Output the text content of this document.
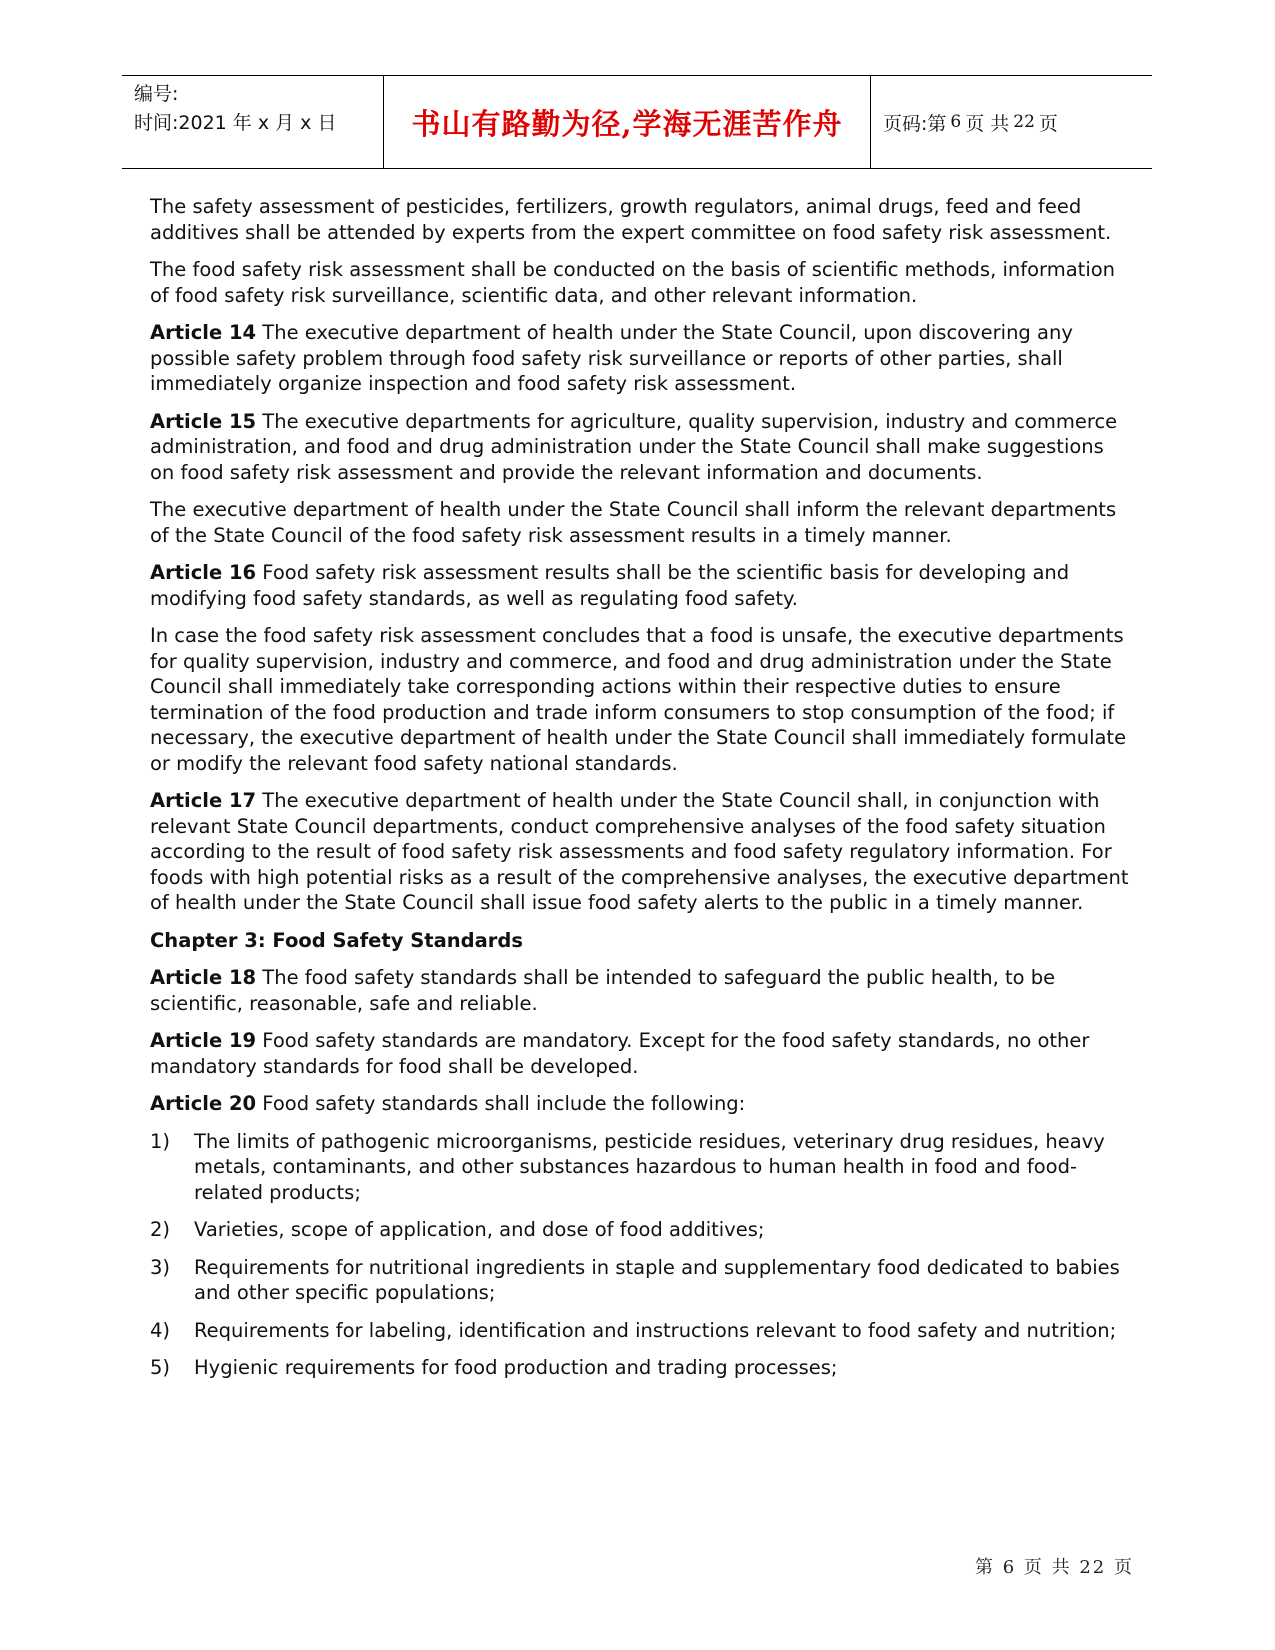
编号:
时间:2021 年 x 月 x 日	书山有路勤为径,学海无涯苦作舟	页码:第 6 页 共 22 页
The safety assessment of pesticides, fertilizers, growth regulators, animal drugs, feed and feed additives shall be attended by experts from the expert committee on food safety risk assessment.
The food safety risk assessment shall be conducted on the basis of scientific methods, information of food safety risk surveillance, scientific data, and other relevant information.
Article 14 The executive department of health under the State Council, upon discovering any possible safety problem through food safety risk surveillance or reports of other parties, shall immediately organize inspection and food safety risk assessment.
Article 15 The executive departments for agriculture, quality supervision, industry and commerce administration, and food and drug administration under the State Council shall make suggestions on food safety risk assessment and provide the relevant information and documents.
The executive department of health under the State Council shall inform the relevant departments of the State Council of the food safety risk assessment results in a timely manner.
Article 16 Food safety risk assessment results shall be the scientific basis for developing and modifying food safety standards, as well as regulating food safety.
In case the food safety risk assessment concludes that a food is unsafe, the executive departments for quality supervision, industry and commerce, and food and drug administration under the State Council shall immediately take corresponding actions within their respective duties to ensure termination of the food production and trade inform consumers to stop consumption of the food; if necessary, the executive department of health under the State Council shall immediately formulate or modify the relevant food safety national standards.
Article 17 The executive department of health under the State Council shall, in conjunction with relevant State Council departments, conduct comprehensive analyses of the food safety situation according to the result of food safety risk assessments and food safety regulatory information. For foods with high potential risks as a result of the comprehensive analyses, the executive department of health under the State Council shall issue food safety alerts to the public in a timely manner.
Chapter 3: Food Safety Standards
Article 18 The food safety standards shall be intended to safeguard the public health, to be scientific, reasonable, safe and reliable.
Article 19 Food safety standards are mandatory. Except for the food safety standards, no other mandatory standards for food shall be developed.
Article 20 Food safety standards shall include the following:
1)	The limits of pathogenic microorganisms, pesticide residues, veterinary drug residues, heavy metals, contaminants, and other substances hazardous to human health in food and food-related products;
2)	Varieties, scope of application, and dose of food additives;
3)	Requirements for nutritional ingredients in staple and supplementary food dedicated to babies and other specific populations;
4)	Requirements for labeling, identification and instructions relevant to food safety and nutrition;
5)	Hygienic requirements for food production and trading processes;
第 6 页 共 22 页
